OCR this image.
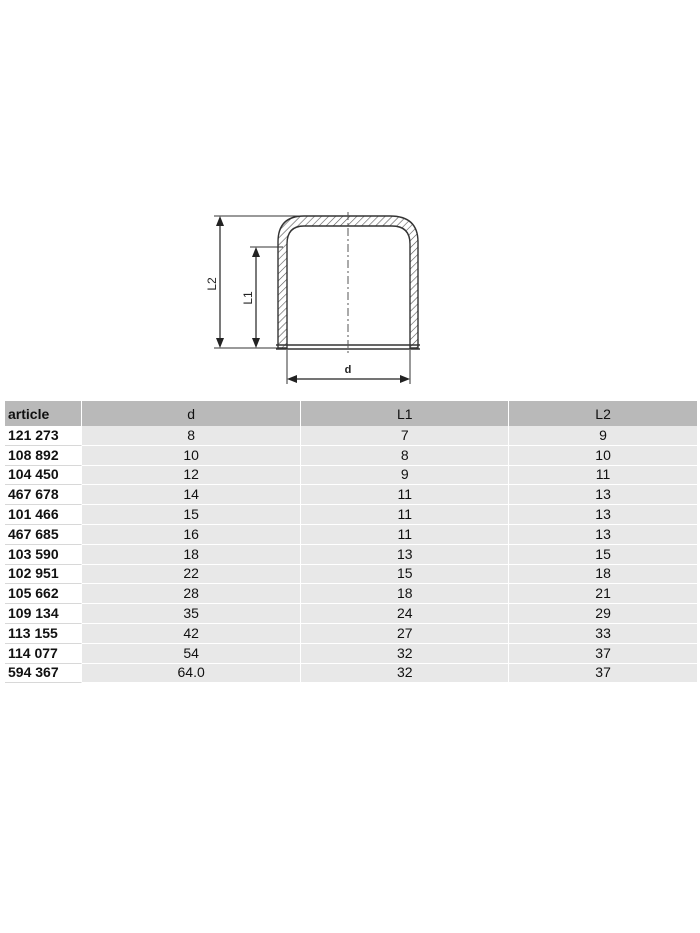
L2
L1
d
article	d	L1	L2
121 273	8	7	9
108 892	10	8	10
104 450	12	9	11
467 678	14	11	13
101 466	15	11	13
467 685	16	11	13
103 590	18	13	15
102 951	22	15	18
105 662	28	18	21
109 134	35	24	29
113 155	42	27	33
114 077	54	32	37
594 367	64.0	32	37
